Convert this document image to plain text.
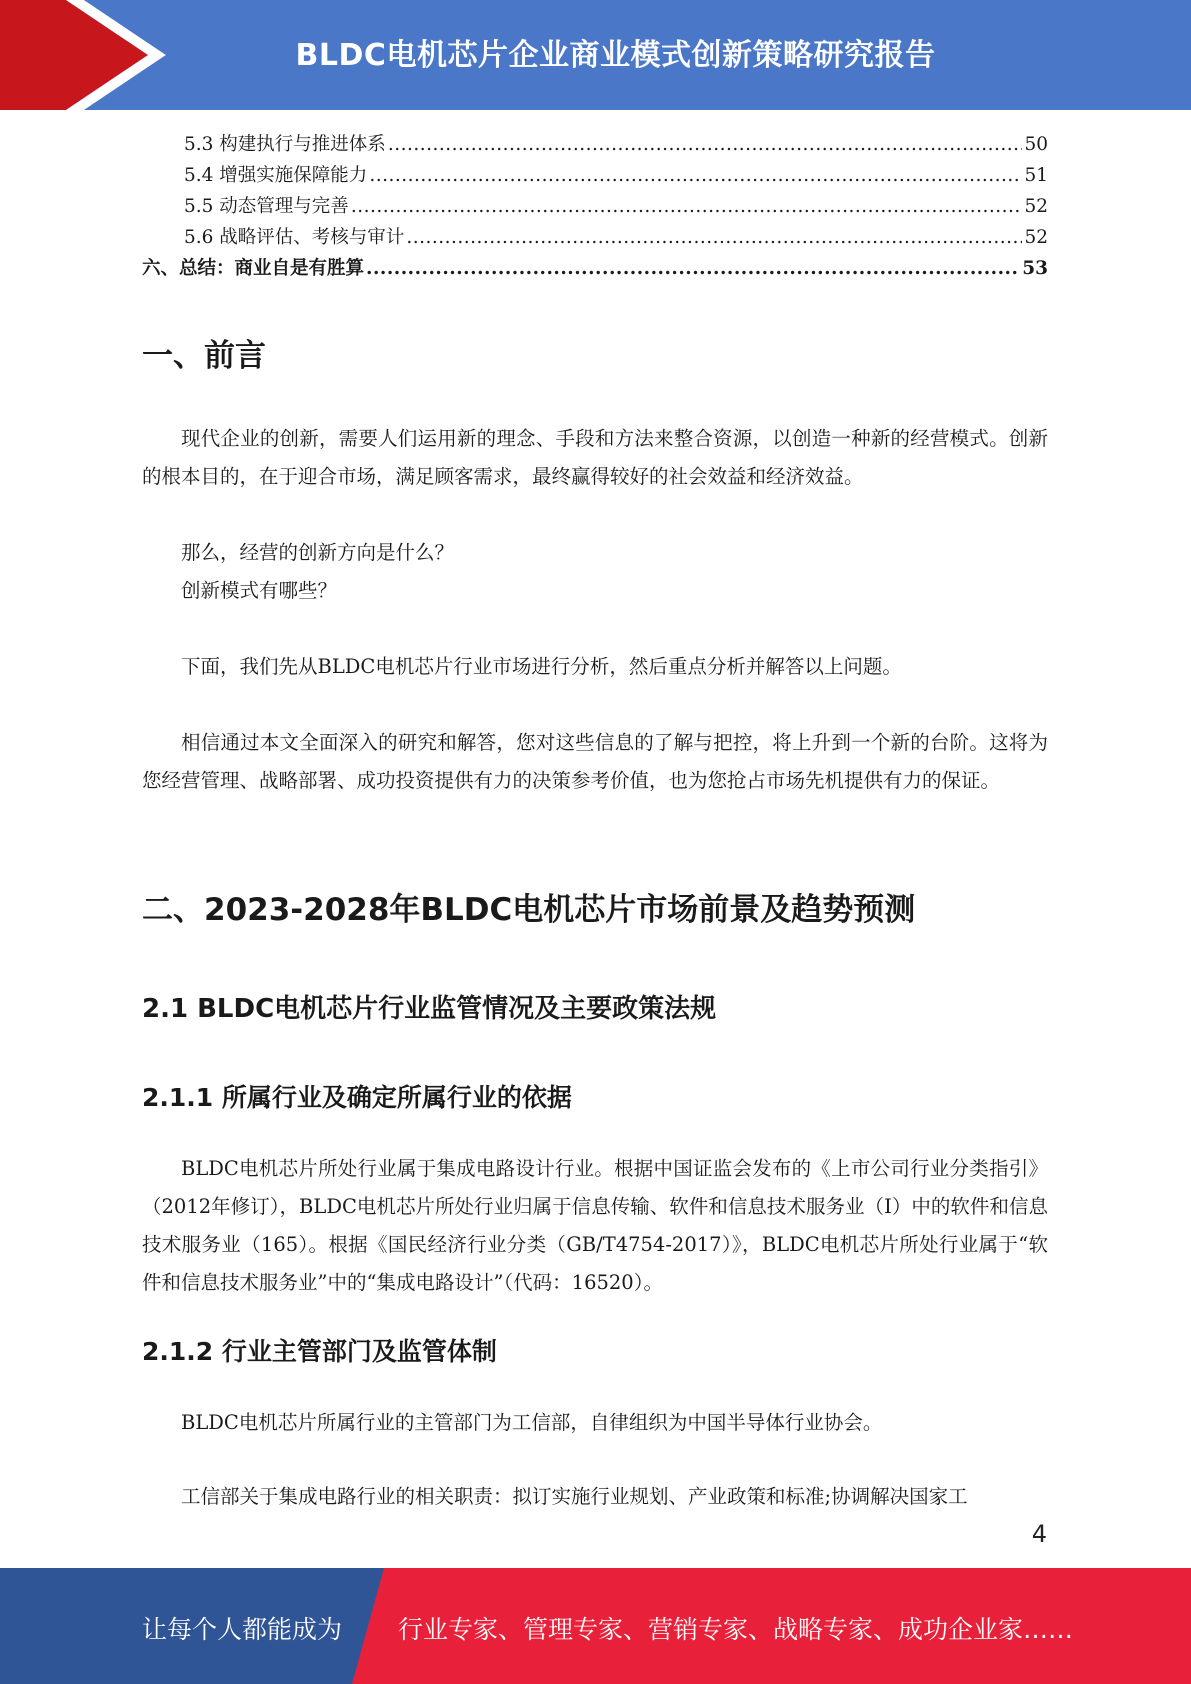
BLDC电机芯片企业商业模式创新策略研究报告
5.3 构建执行与推进体系 .....	50
5.4 增强实施保障能力 .....	51
5.5 动态管理与完善 .....	52
5.6 战略评估、考核与审计 .....	52
六、总结：商业自是有胜算 .....	53
一、前言

现代企业的创新，需要人们运用新的理念、手段和方法来整合资源，以创造一种新的经营模式。创新的根本目的，在于迎合市场，满足顾客需求，最终赢得较好的社会效益和经济效益。

那么，经营的创新方向是什么？

创新模式有哪些？

下面，我们先从BLDC电机芯片行业市场进行分析，然后重点分析并解答以上问题。

相信通过本文全面深入的研究和解答，您对这些信息的了解与把控，将上升到一个新的台阶。这将为您经营管理、战略部署、成功投资提供有力的决策参考价值，也为您抢占市场先机提供有力的保证。

二、2023-2028年BLDC电机芯片市场前景及趋势预测
2.1 BLDC电机芯片行业监管情况及主要政策法规
2.1.1 所属行业及确定所属行业的依据

BLDC电机芯片所处行业属于集成电路设计行业。根据中国证监会发布的《上市公司行业分类指引》（2012年修订），BLDC电机芯片所处行业归属于信息传输、软件和信息技术服务业（I）中的软件和信息技术服务业（165）。根据《国民经济行业分类（GB/T4754-2017）》，BLDC电机芯片所处行业属于“软件和信息技术服务业”中的“集成电路设计”（代码：16520）。

2.1.2 行业主管部门及监管体制

BLDC电机芯片所属行业的主管部门为工信部，自律组织为中国半导体行业协会。

工信部关于集成电路行业的相关职责：拟订实施行业规划、产业政策和标准;协调解决国家工

4
让每个人都能成为 行业专家、管理专家、营销专家、战略专家、成功企业家……
